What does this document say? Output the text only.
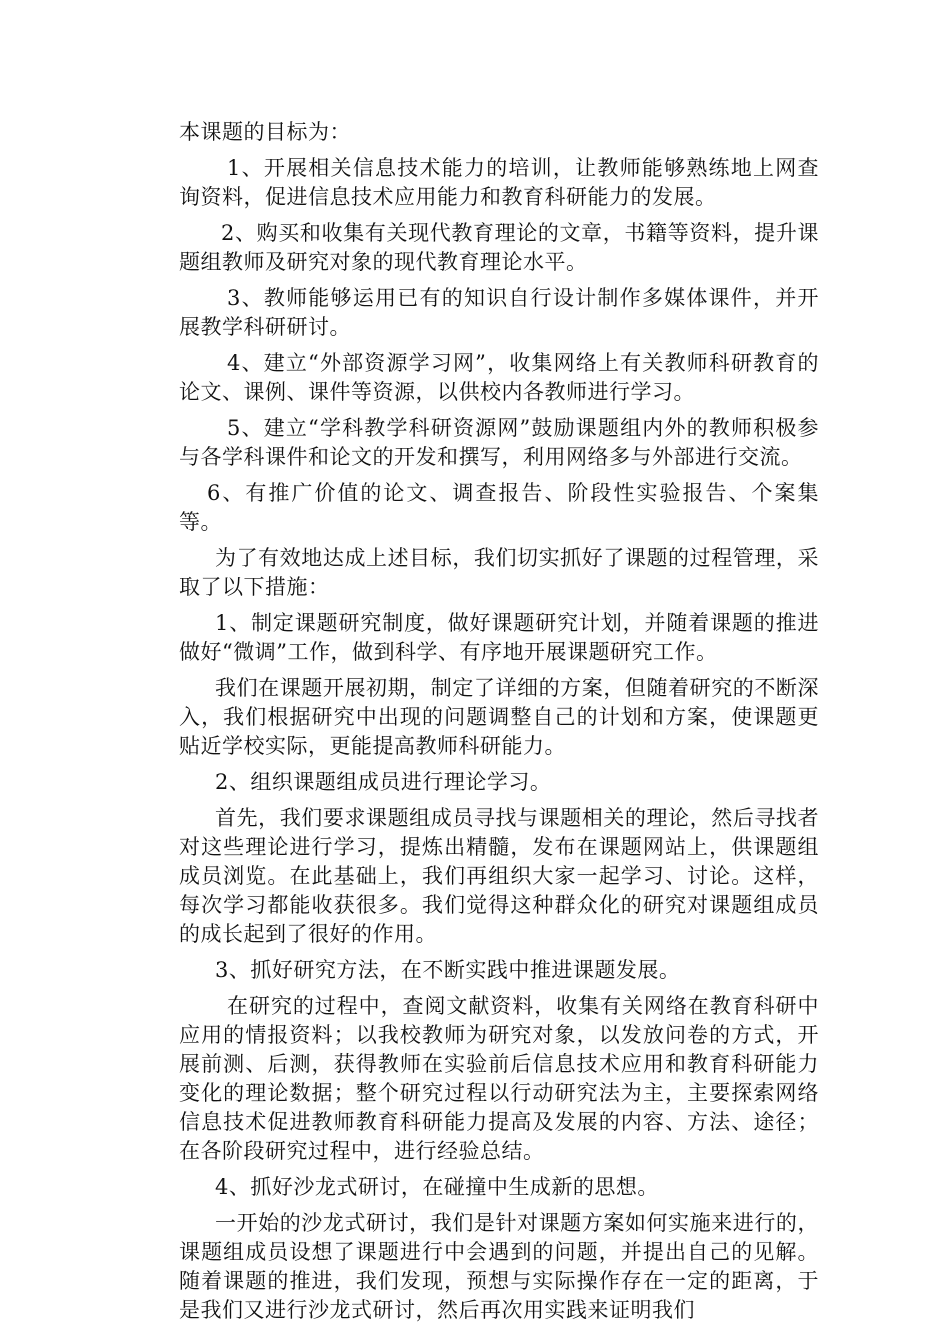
本课题的目标为：

1、开展相关信息技术能力的培训，让教师能够熟练地上网查询资料，促进信息技术应用能力和教育科研能力的发展。

2、购买和收集有关现代教育理论的文章，书籍等资料，提升课题组教师及研究对象的现代教育理论水平。

3、教师能够运用已有的知识自行设计制作多媒体课件，并开展教学科研研讨。

4、建立“外部资源学习网”，收集网络上有关教师科研教育的论文、课例、课件等资源，以供校内各教师进行学习。

5、建立“学科教学科研资源网”鼓励课题组内外的教师积极参与各学科课件和论文的开发和撰写，利用网络多与外部进行交流。

6、有推广价值的论文、调查报告、阶段性实验报告、个案集等。

为了有效地达成上述目标，我们切实抓好了课题的过程管理，采取了以下措施：

1、制定课题研究制度，做好课题研究计划，并随着课题的推进做好“微调”工作，做到科学、有序地开展课题研究工作。

我们在课题开展初期，制定了详细的方案，但随着研究的不断深入，我们根据研究中出现的问题调整自己的计划和方案，使课题更贴近学校实际，更能提高教师科研能力。

2、组织课题组成员进行理论学习。

首先，我们要求课题组成员寻找与课题相关的理论，然后寻找者对这些理论进行学习，提炼出精髓，发布在课题网站上，供课题组成员浏览。在此基础上，我们再组织大家一起学习、讨论。这样，每次学习都能收获很多。我们觉得这种群众化的研究对课题组成员的成长起到了很好的作用。

3、抓好研究方法，在不断实践中推进课题发展。

在研究的过程中，查阅文献资料，收集有关网络在教育科研中应用的情报资料；以我校教师为研究对象，以发放问卷的方式，开展前测、后测，获得教师在实验前后信息技术应用和教育科研能力变化的理论数据；整个研究过程以行动研究法为主，主要探索网络信息技术促进教师教育科研能力提高及发展的内容、方法、途径；在各阶段研究过程中，进行经验总结。

4、抓好沙龙式研讨，在碰撞中生成新的思想。

一开始的沙龙式研讨，我们是针对课题方案如何实施来进行的，课题组成员设想了课题进行中会遇到的问题，并提出自己的见解。随着课题的推进，我们发现，预想与实际操作存在一定的距离，于是我们又进行沙龙式研讨，然后再次用实践来证明我们
